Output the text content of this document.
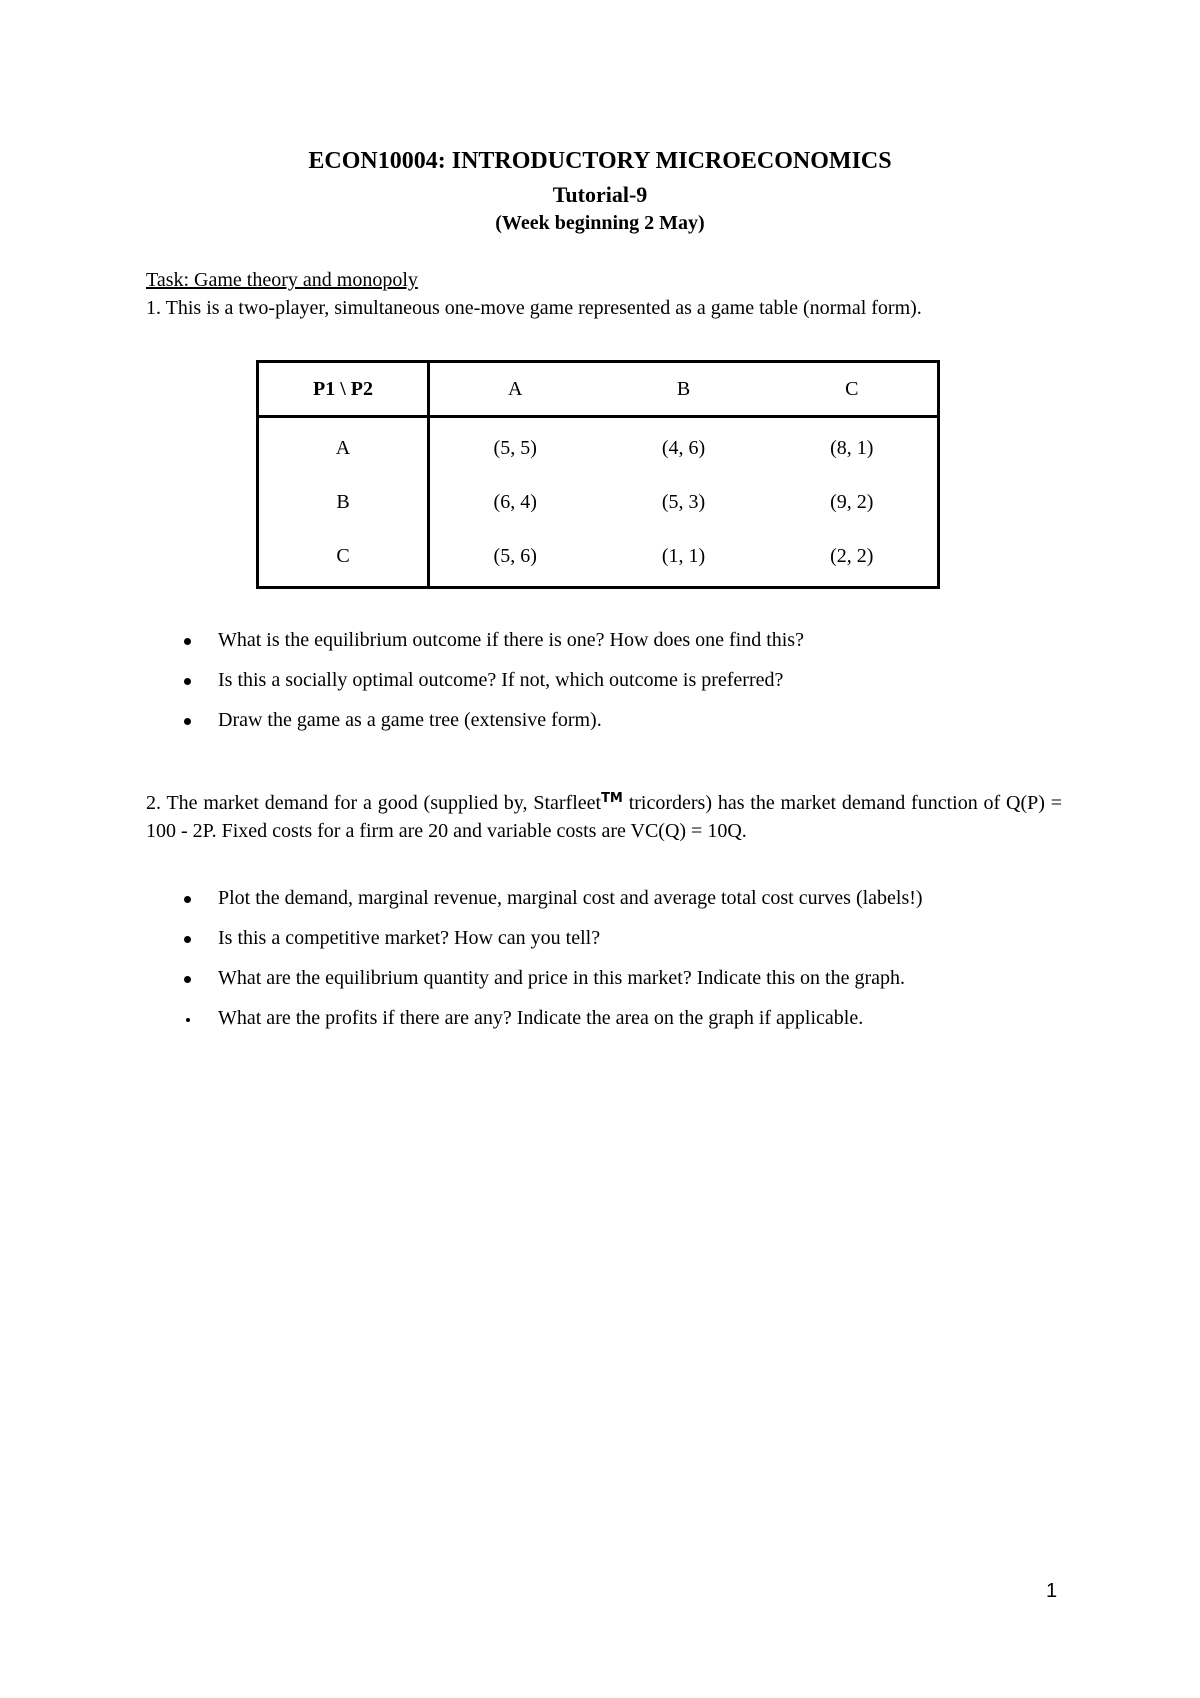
ECON10004: INTRODUCTORY MICROECONOMICS
Tutorial-9
(Week beginning 2 May)
Task: Game theory and monopoly
1. This is a two-player, simultaneous one-move game represented as a game table (normal form).
P1 \ P2	A	B	C
A	(5, 5)	(4, 6)	(8, 1)
B	(6, 4)	(5, 3)	(9, 2)
C	(5, 6)	(1, 1)	(2, 2)
What is the equilibrium outcome if there is one? How does one find this?
Is this a socially optimal outcome? If not, which outcome is preferred?
Draw the game as a game tree (extensive form).
2. The market demand for a good (supplied by, Starfleet™ tricorders) has the market demand function of Q(P) = 100 - 2P. Fixed costs for a firm are 20 and variable costs are VC(Q) = 10Q.
Plot the demand, marginal revenue, marginal cost and average total cost curves (labels!)
Is this a competitive market? How can you tell?
What are the equilibrium quantity and price in this market? Indicate this on the graph.
What are the profits if there are any? Indicate the area on the graph if applicable.
1
